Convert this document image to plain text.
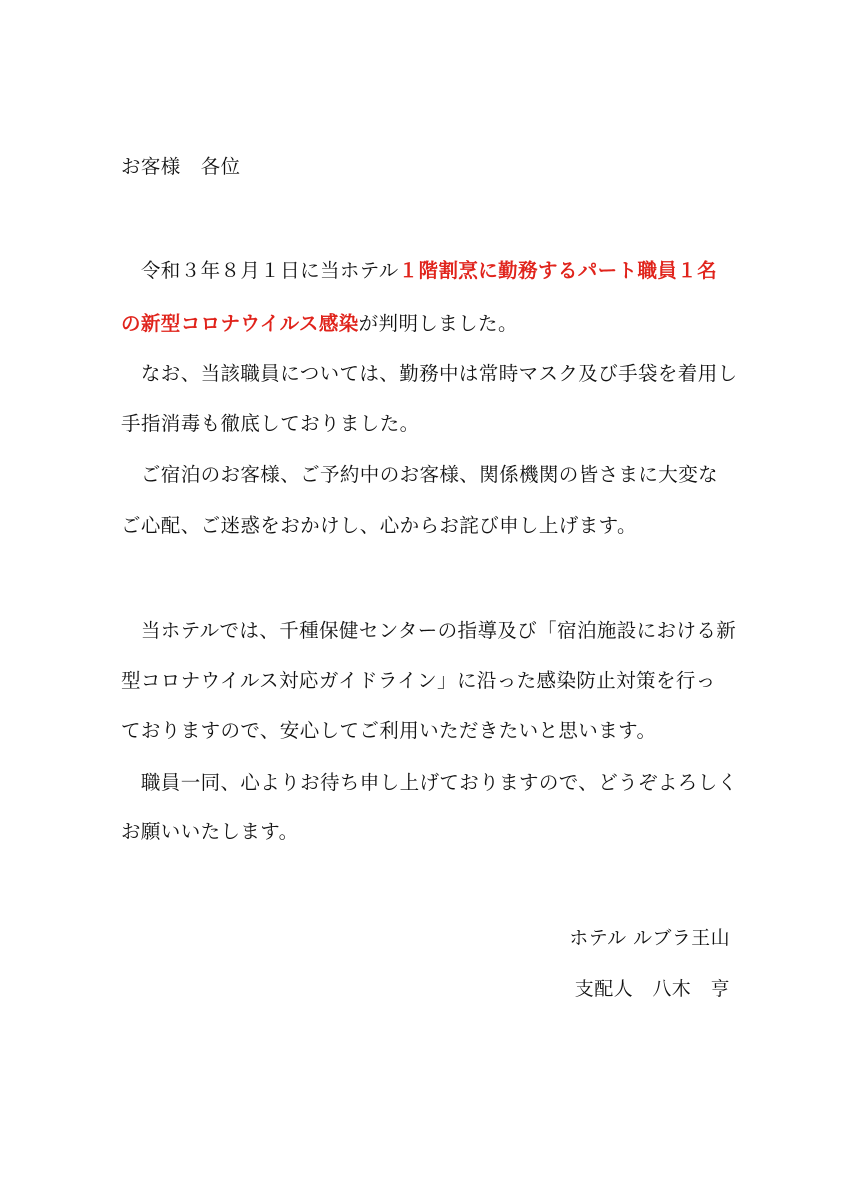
お客様　各位
　令和３年８月１日に当ホテル１階割烹に勤務するパート職員１名
の新型コロナウイルス感染が判明しました。
　なお、当該職員については、勤務中は常時マスク及び手袋を着用し
手指消毒も徹底しておりました。
　ご宿泊のお客様、ご予約中のお客様、関係機関の皆さまに大変な
ご心配、ご迷惑をおかけし、心からお詫び申し上げます。
　当ホテルでは、千種保健センターの指導及び「宿泊施設における新
型コロナウイルス対応ガイドライン」に沿った感染防止対策を行っ
ておりますので、安心してご利用いただきたいと思います。
　職員一同、心よりお待ち申し上げておりますので、どうぞよろしく
お願いいたします。
ホテル ルブラ王山
支配人　八木　亨
